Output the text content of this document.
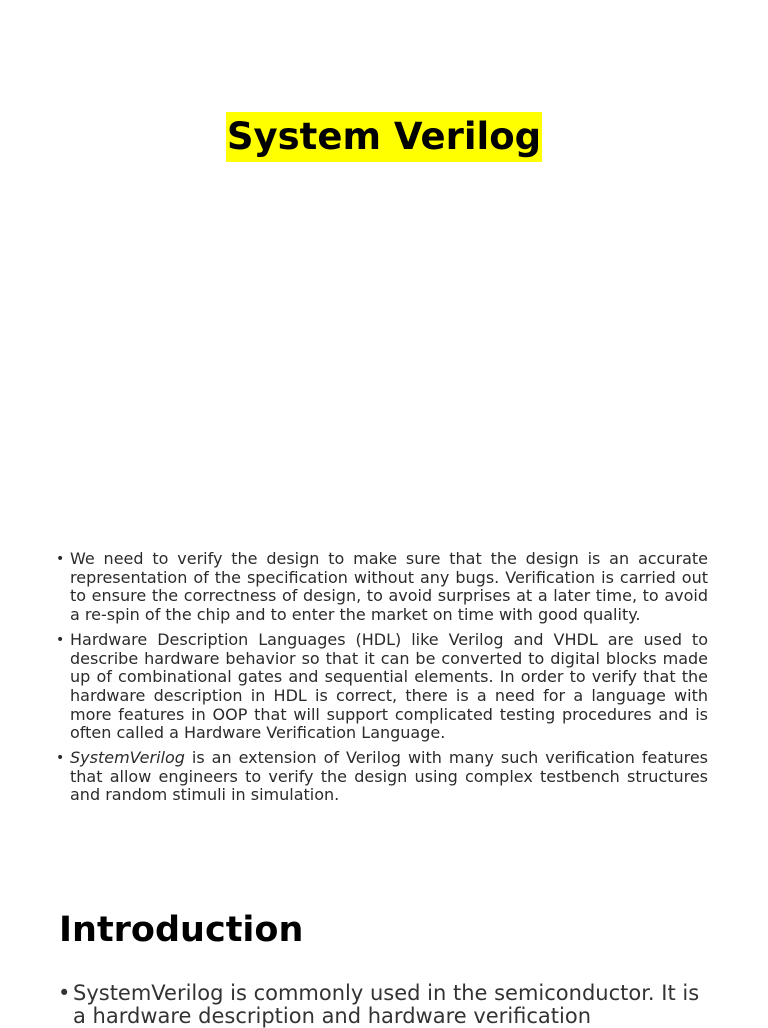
System Verilog
• We need to verify the design to make sure that the design is an accurate representation of the specification without any bugs. Verification is carried out to ensure the correctness of design, to avoid surprises at a later time, to avoid a re-spin of the chip and to enter the market on time with good quality.
• Hardware Description Languages (HDL) like Verilog and VHDL are used to describe hardware behavior so that it can be converted to digital blocks made up of combinational gates and sequential elements. In order to verify that the hardware description in HDL is correct, there is a need for a language with more features in OOP that will support complicated testing procedures and is often called a Hardware Verification Language.
• SystemVerilog is an extension of Verilog with many such verification features that allow engineers to verify the design using complex testbench structures and random stimuli in simulation.
Introduction
• SystemVerilog is commonly used in the semiconductor. It is a hardware description and hardware verification
